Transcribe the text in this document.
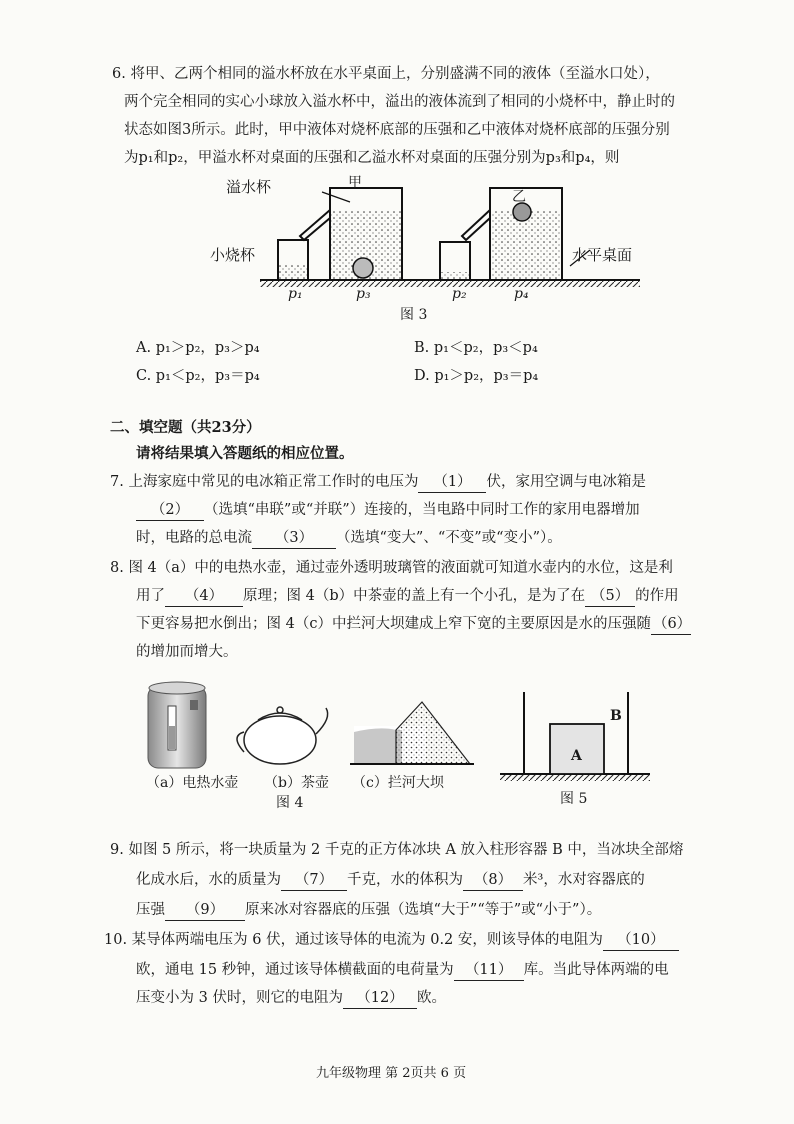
6. 将甲、乙两个相同的溢水杯放在水平桌面上，分别盛满不同的液体（至溢水口处），
两个完全相同的实心小球放入溢水杯中，溢出的液体流到了相同的小烧杯中，静止时的
状态如图3所示。此时，甲中液体对烧杯底部的压强和乙中液体对烧杯底部的压强分别
为p₁和p₂，甲溢水杯对桌面的压强和乙溢水杯对桌面的压强分别为p₃和p₄，则
溢水杯	甲
乙
小烧杯	水平桌面
p₁	p₃	p₂	p₄
图 3
A. p₁＞p₂，p₃＞p₄	B. p₁＜p₂，p₃＜p₄
C. p₁＜p₂，p₃＝p₄	D. p₁＞p₂，p₃＝p₄
二、填空题（共23分）
请将结果填入答题纸的相应位置。
7. 上海家庭中常见的电冰箱正常工作时的电压为 （1） 伏，家用空调与电冰箱是
（2） （选填“串联”或“并联”）连接的，当电路中同时工作的家用电器增加
时，电路的总电流 （3） （选填“变大”、“不变”或“变小”）。
8. 图 4（a）中的电热水壶，通过壶外透明玻璃管的液面就可知道水壶内的水位，这是利
用了 （4） 原理；图 4（b）中茶壶的盖上有一个小孔，是为了在 （5） 的作用
下更容易把水倒出；图 4（c）中拦河大坝建成上窄下宽的主要原因是水的压强随 （6）
的增加而增大。
（a）电热水壶 （b）茶壶 （c）拦河大坝
图 4
A
B
图 5
9. 如图 5 所示，将一块质量为 2 千克的正方体冰块 A 放入柱形容器 B 中，当冰块全部熔
化成水后，水的质量为 （7） 千克，水的体积为 （8） 米³，水对容器底的
压强 （9） 原来冰对容器底的压强（选填“大于”“等于”或“小于”）。
10. 某导体两端电压为 6 伏，通过该导体的电流为 0.2 安，则该导体的电阻为 （10）
欧，通电 15 秒钟，通过该导体横截面的电荷量为 （11） 库。当此导体两端的电
压变小为 3 伏时，则它的电阻为 （12） 欧。
九年级物理 第 2页共 6 页
